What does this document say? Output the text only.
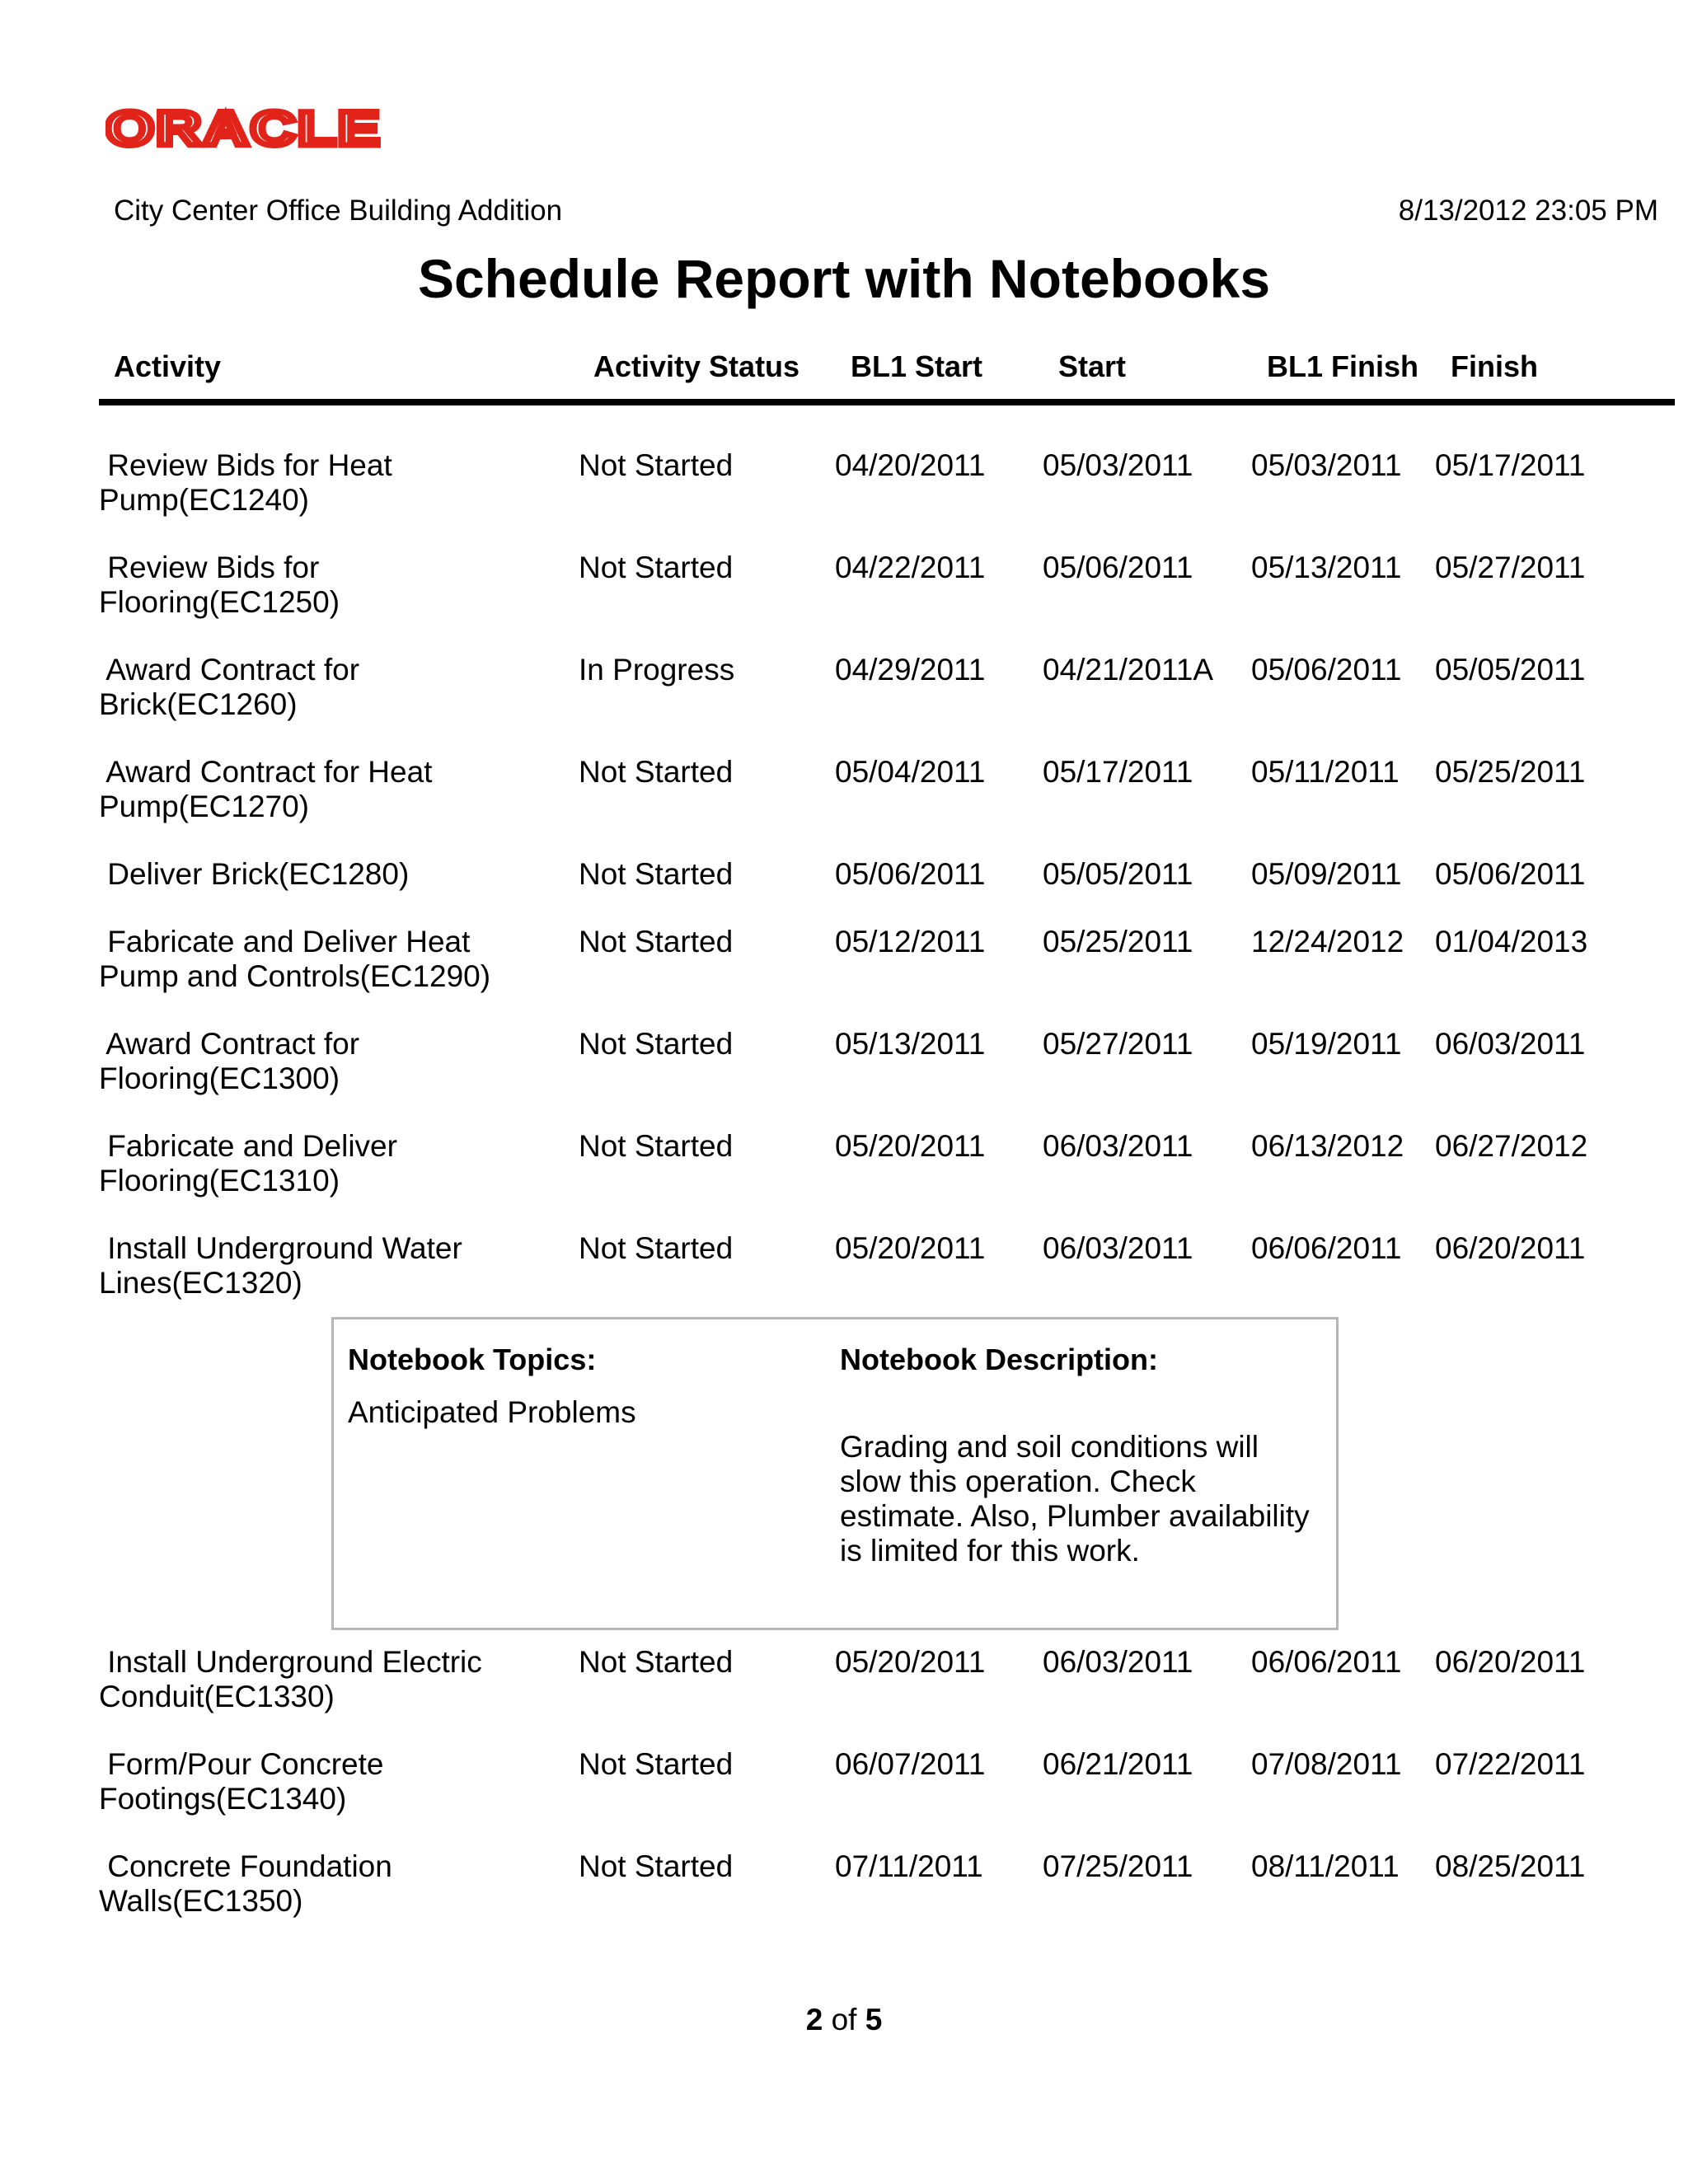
ORACLE
City Center Office Building Addition	8/13/2012 23:05 PM
Schedule Report with Notebooks
Activity	Activity Status BL1 Start	Start	BL1 Finish Finish
Review Bids for Heat
Pump(EC1240)
Not Started	04/20/2011 05/03/2011 05/03/2011 05/17/2011
Review Bids for
Flooring(EC1250)
Not Started	04/22/2011 05/06/2011 05/13/2011 05/27/2011
Award Contract for
Brick(EC1260)
In Progress	04/29/2011 04/21/2011A 05/06/2011 05/05/2011
Award Contract for Heat
Pump(EC1270)
Not Started	05/04/2011 05/17/2011 05/11/2011 05/25/2011
Deliver Brick(EC1280)	Not Started	05/06/2011 05/05/2011 05/09/2011 05/06/2011
Fabricate and Deliver Heat
Pump and Controls(EC1290)
Not Started	05/12/2011 05/25/2011 12/24/2012 01/04/2013
Award Contract for
Flooring(EC1300)
Not Started	05/13/2011 05/27/2011 05/19/2011 06/03/2011
Fabricate and Deliver
Flooring(EC1310)
Not Started	05/20/2011 06/03/2011 06/13/2012 06/27/2012
Install Underground Water
Lines(EC1320)
Not Started	05/20/2011 06/03/2011 06/06/2011 06/20/2011
Notebook Topics:	Notebook Description:
Anticipated Problems
Grading and soil conditions will slow this operation. Check estimate. Also, Plumber availability is limited for this work.
Install Underground Electric
Conduit(EC1330)
Not Started	05/20/2011 06/03/2011 06/06/2011 06/20/2011
Form/Pour Concrete
Footings(EC1340)
Not Started	06/07/2011 06/21/2011 07/08/2011 07/22/2011
Concrete Foundation
Walls(EC1350)
Not Started	07/11/2011 07/25/2011 08/11/2011 08/25/2011
2 of 5
